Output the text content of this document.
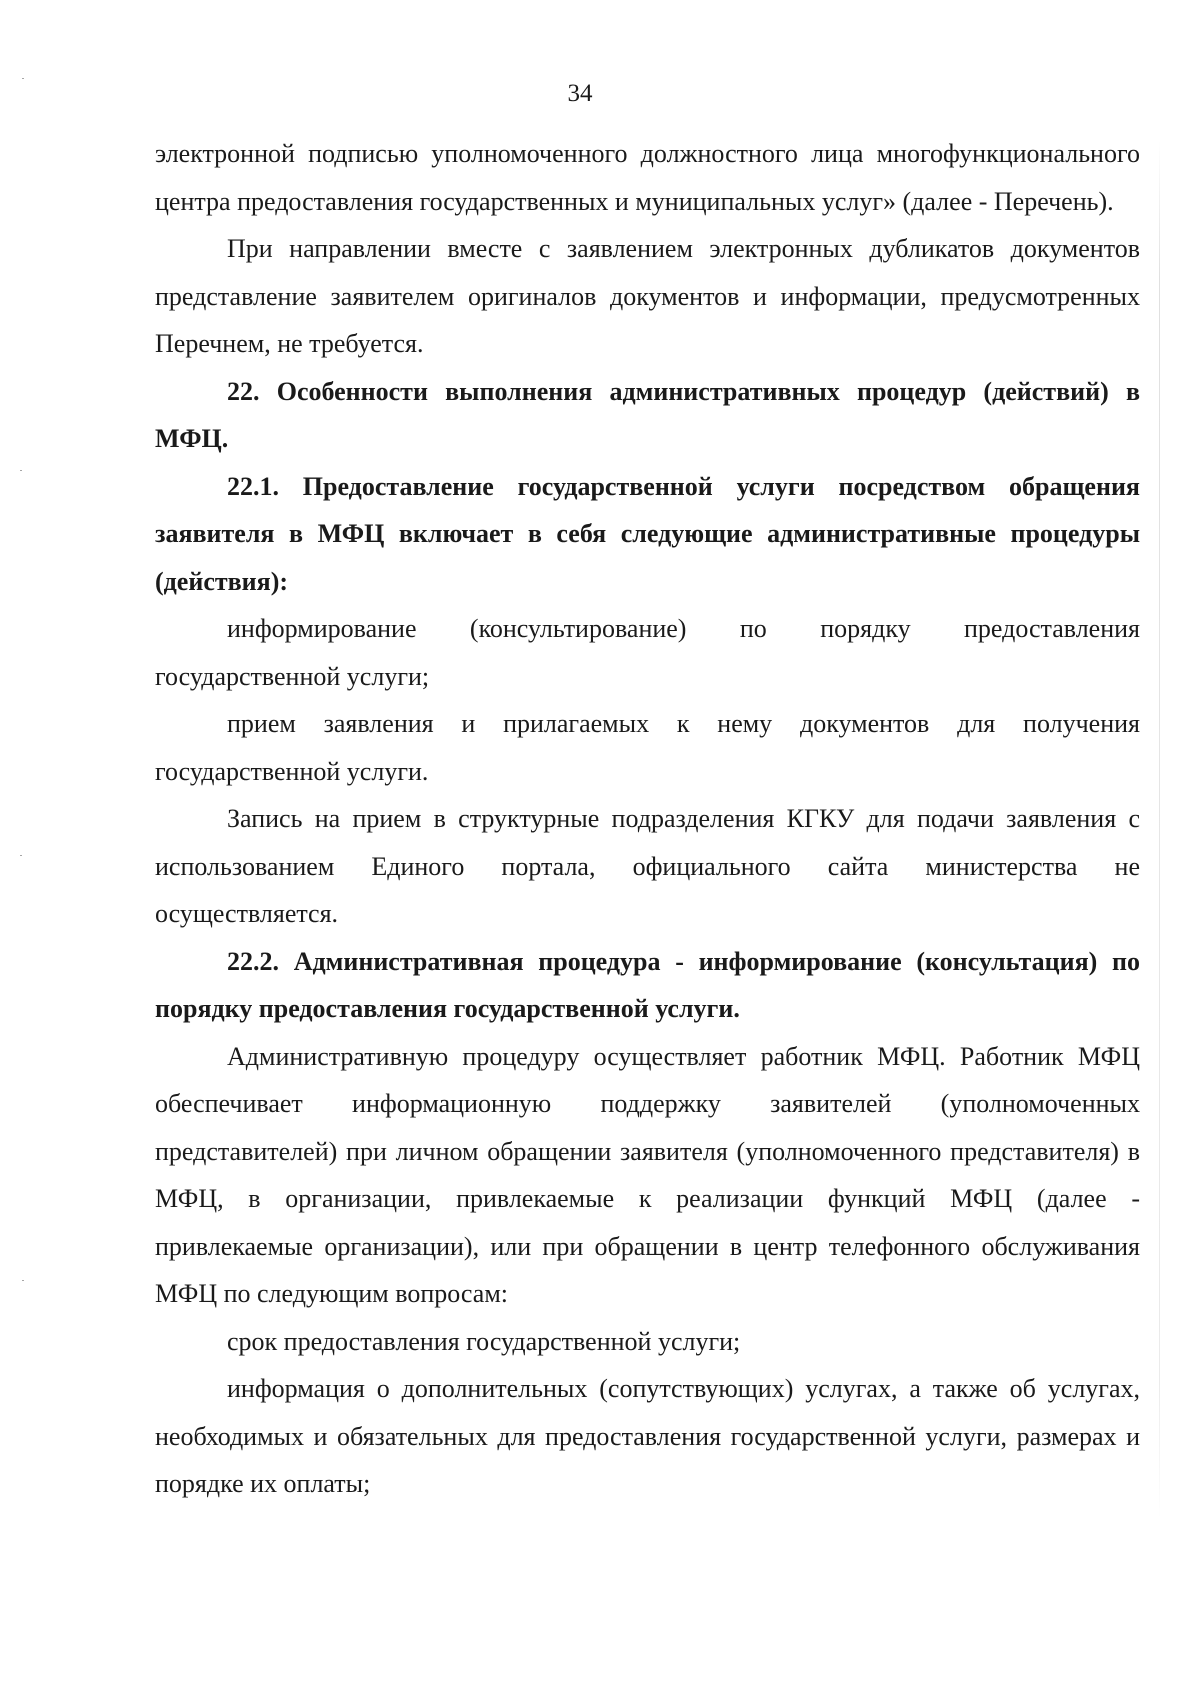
34

электронной подписью уполномоченного должностного лица многофункционального центра предоставления государственных и муниципальных услуг» (далее - Перечень).

При направлении вместе с заявлением электронных дубликатов документов представление заявителем оригиналов документов и информации, предусмотренных Перечнем, не требуется.

22. Особенности выполнения административных процедур (действий) в МФЦ.

22.1. Предоставление государственной услуги посредством обращения заявителя в МФЦ включает в себя следующие административные процедуры (действия):

информирование (консультирование) по порядку предоставления государственной услуги;

прием заявления и прилагаемых к нему документов для получения государственной услуги.

Запись на прием в структурные подразделения КГКУ для подачи заявления с использованием Единого портала, официального сайта министерства не осуществляется.

22.2. Административная процедура - информирование (консультация) по порядку предоставления государственной услуги.

Административную процедуру осуществляет работник МФЦ. Работник МФЦ обеспечивает информационную поддержку заявителей (уполномоченных представителей) при личном обращении заявителя (уполномоченного представителя) в МФЦ, в организации, привлекаемые к реализации функций МФЦ (далее - привлекаемые организации), или при обращении в центр телефонного обслуживания МФЦ по следующим вопросам:

срок предоставления государственной услуги;

информация о дополнительных (сопутствующих) услугах, а также об услугах, необходимых и обязательных для предоставления государственной услуги, размерах и порядке их оплаты;
